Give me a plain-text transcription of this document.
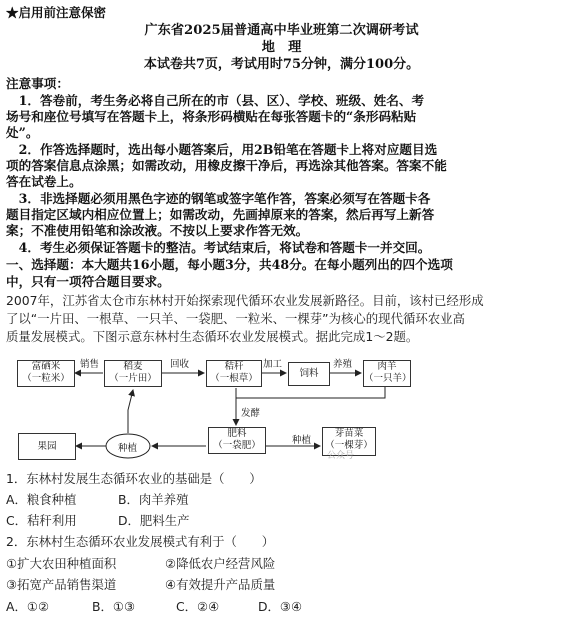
★启用前注意保密
广东省2025届普通高中毕业班第二次调研考试
地　理
本试卷共7页，考试用时75分钟，满分100分。
注意事项：
　1．答卷前，考生务必将自己所在的市（县、区）、学校、班级、姓名、考
场号和座位号填写在答题卡上，将条形码横贴在每张答题卡的“条形码粘贴
处”。
　2．作答选择题时，选出每小题答案后，用2B铅笔在答题卡上将对应题目选
项的答案信息点涂黑；如需改动，用橡皮擦干净后，再选涂其他答案。答案不能
答在试卷上。
　3．非选择题必须用黑色字迹的钢笔或签字笔作答，答案必须写在答题卡各
题目指定区域内相应位置上；如需改动，先画掉原来的答案，然后再写上新答
案；不准使用铅笔和涂改液。不按以上要求作答无效。
　4．考生必须保证答题卡的整洁。考试结束后，将试卷和答题卡一并交回。
一、选择题：本大题共16小题，每小题3分，共48分。在每小题列出的四个选项
中，只有一项符合题目要求。
2007年，江苏省太仓市东林村开始探索现代循环农业发展新路径。目前，该村已经形成
了以“一片田、一根草、一只羊、一袋肥、一粒米、一棵芽”为核心的现代循环农业高
质量发展模式。下图示意东林村生态循环农业发展模式。据此完成1～2题。
富硒米
（一粒米）
稻麦
（一片田）
秸秆
（一根草）	饲料
肉羊
（一只羊）
果园	种植
肥料
（一袋肥）
芽苗菜
（一棵芽）
销售	回收	加工	养殖
发酵
种植
公众号
1．东林村发展生态循环农业的基础是（　　）
A．粮食种植	B．肉羊养殖
C．秸秆利用	D．肥料生产
2．东林村生态循环农业发展模式有利于（　　）
①扩大农田种植面积	②降低农户经营风险
③拓宽产品销售渠道	④有效提升产品质量
A．①②	B．①③	C．②④	D．③④
